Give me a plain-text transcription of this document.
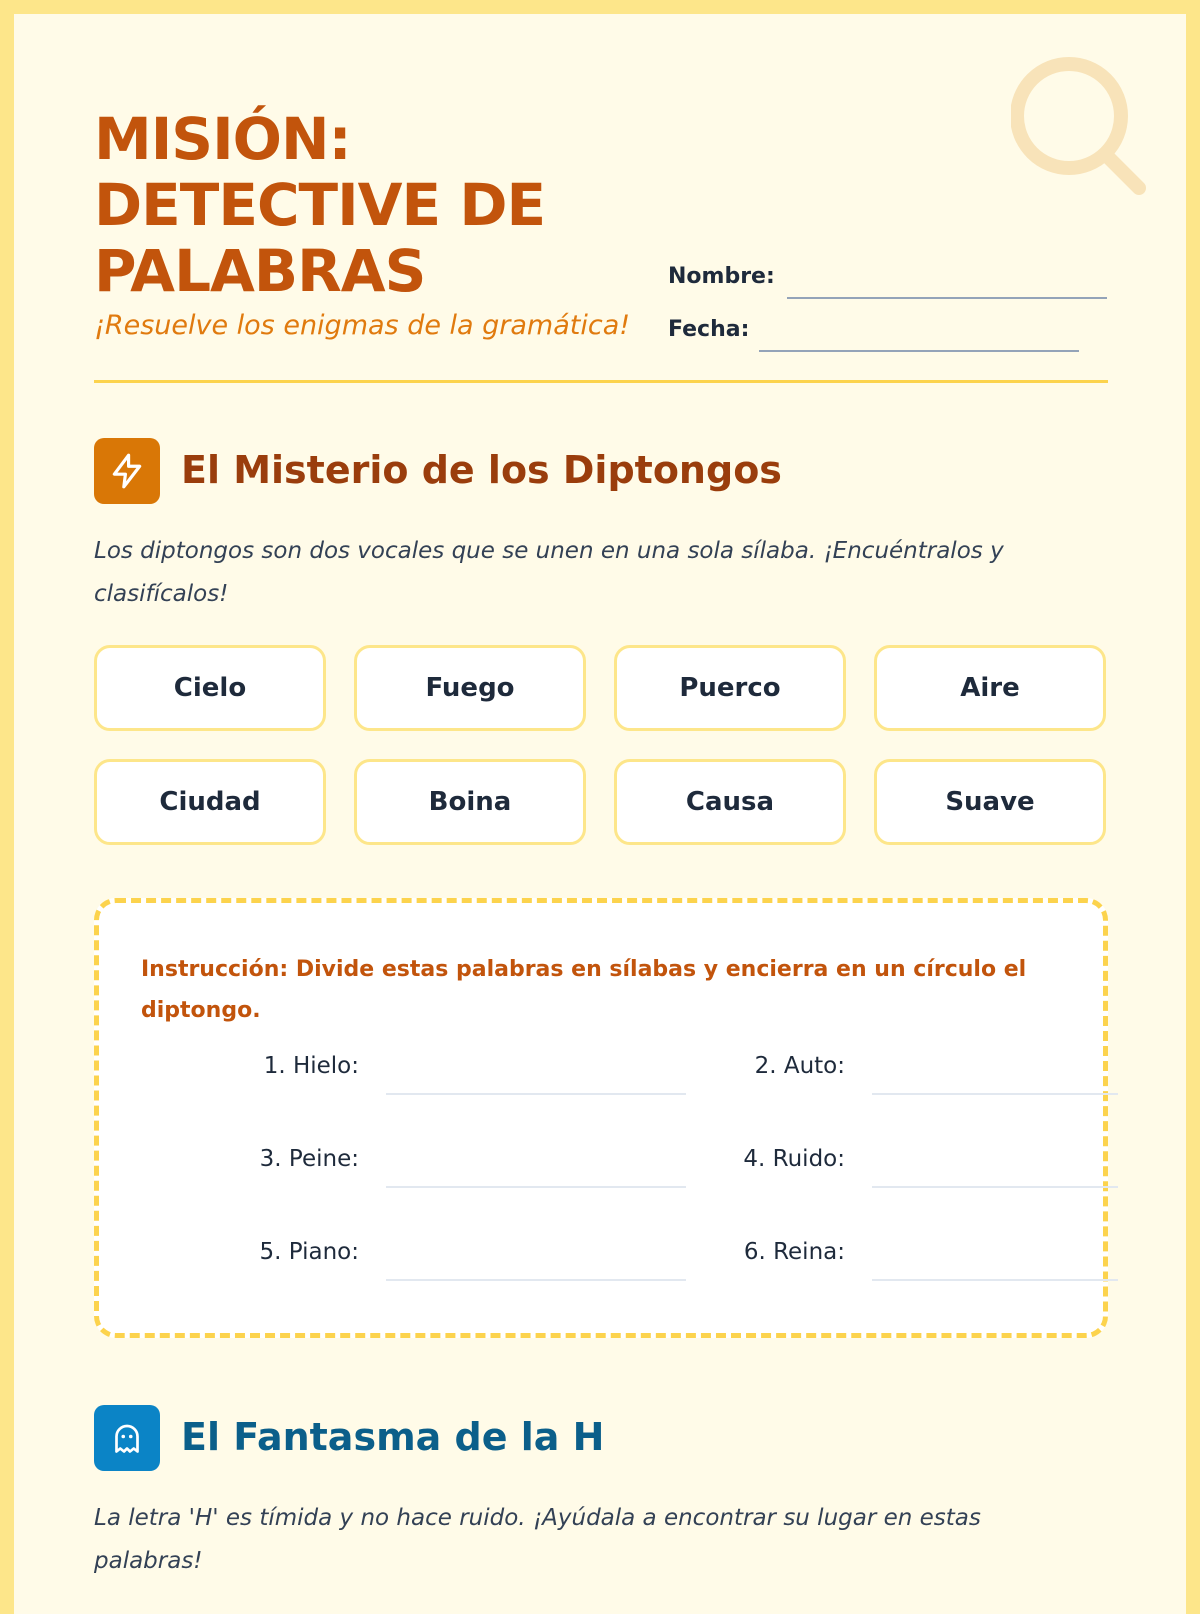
MISIÓN:
DETECTIVE DE
PALABRAS

¡Resuelve los enigmas de la gramática!

Nombre:
Fecha:
El Misterio de los Diptongos

Los diptongos son dos vocales que se unen en una sola sílaba. ¡Encuéntralos y clasifícalos!

Cielo	Fuego	Puerco	Aire
Ciudad	Boina	Causa	Suave

Instrucción: Divide estas palabras en sílabas y encierra en un círculo el diptongo.

1. Hielo:	2. Auto:
3. Peine:	4. Ruido:
5. Piano:	6. Reina:
El Fantasma de la H

La letra 'H' es tímida y no hace ruido. ¡Ayúdala a encontrar su lugar en estas palabras!
